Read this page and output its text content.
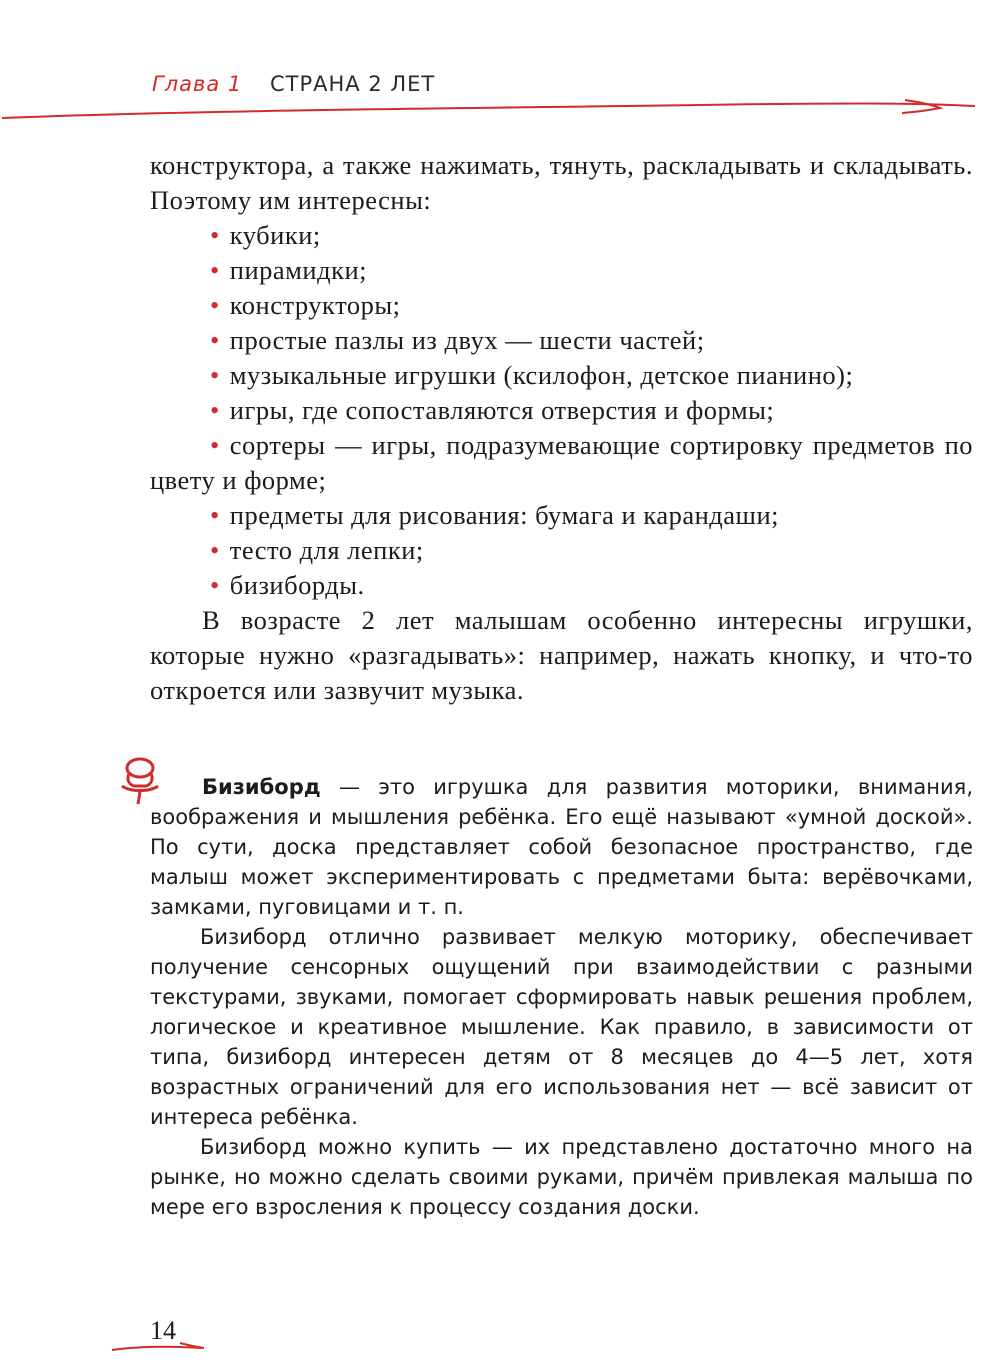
Глава 1 СТРАНА 2 ЛЕТ

конструктора, а также нажимать, тянуть, раскладывать и складывать. Поэтому им интересны:

• кубики;

• пирамидки;

• конструкторы;

• простые пазлы из двух — шести частей;

• музыкальные игрушки (ксилофон, детское пианино);

• игры, где сопоставляются отверстия и формы;

• сортеры — игры, подразумевающие сортировку предметов по цвету и форме;

• предметы для рисования: бумага и карандаши;

• тесто для лепки;

• бизиборды.

В возрасте 2 лет малышам особенно интересны игрушки, которые нужно «разгадывать»: например, нажать кнопку, и что-то откроется или зазвучит музыка.

Бизиборд — это игрушка для развития моторики, внимания, воображения и мышления ребёнка. Его ещё называют «умной доской». По сути, доска представляет собой безопасное пространство, где малыш может экспериментировать с предметами быта: верёвочками, замками, пуговицами и т. п.

Бизиборд отлично развивает мелкую моторику, обеспечивает получение сенсорных ощущений при взаимодействии с разными текстурами, звуками, помогает сформировать навык решения проблем, логическое и креативное мышление. Как правило, в зависимости от типа, бизиборд интересен детям от 8 месяцев до 4—5 лет, хотя возрастных ограничений для его использования нет — всё зависит от интереса ребёнка.

Бизиборд можно купить — их представлено достаточно много на рынке, но можно сделать своими руками, причём привлекая малыша по мере его взросления к процессу создания доски.

14
